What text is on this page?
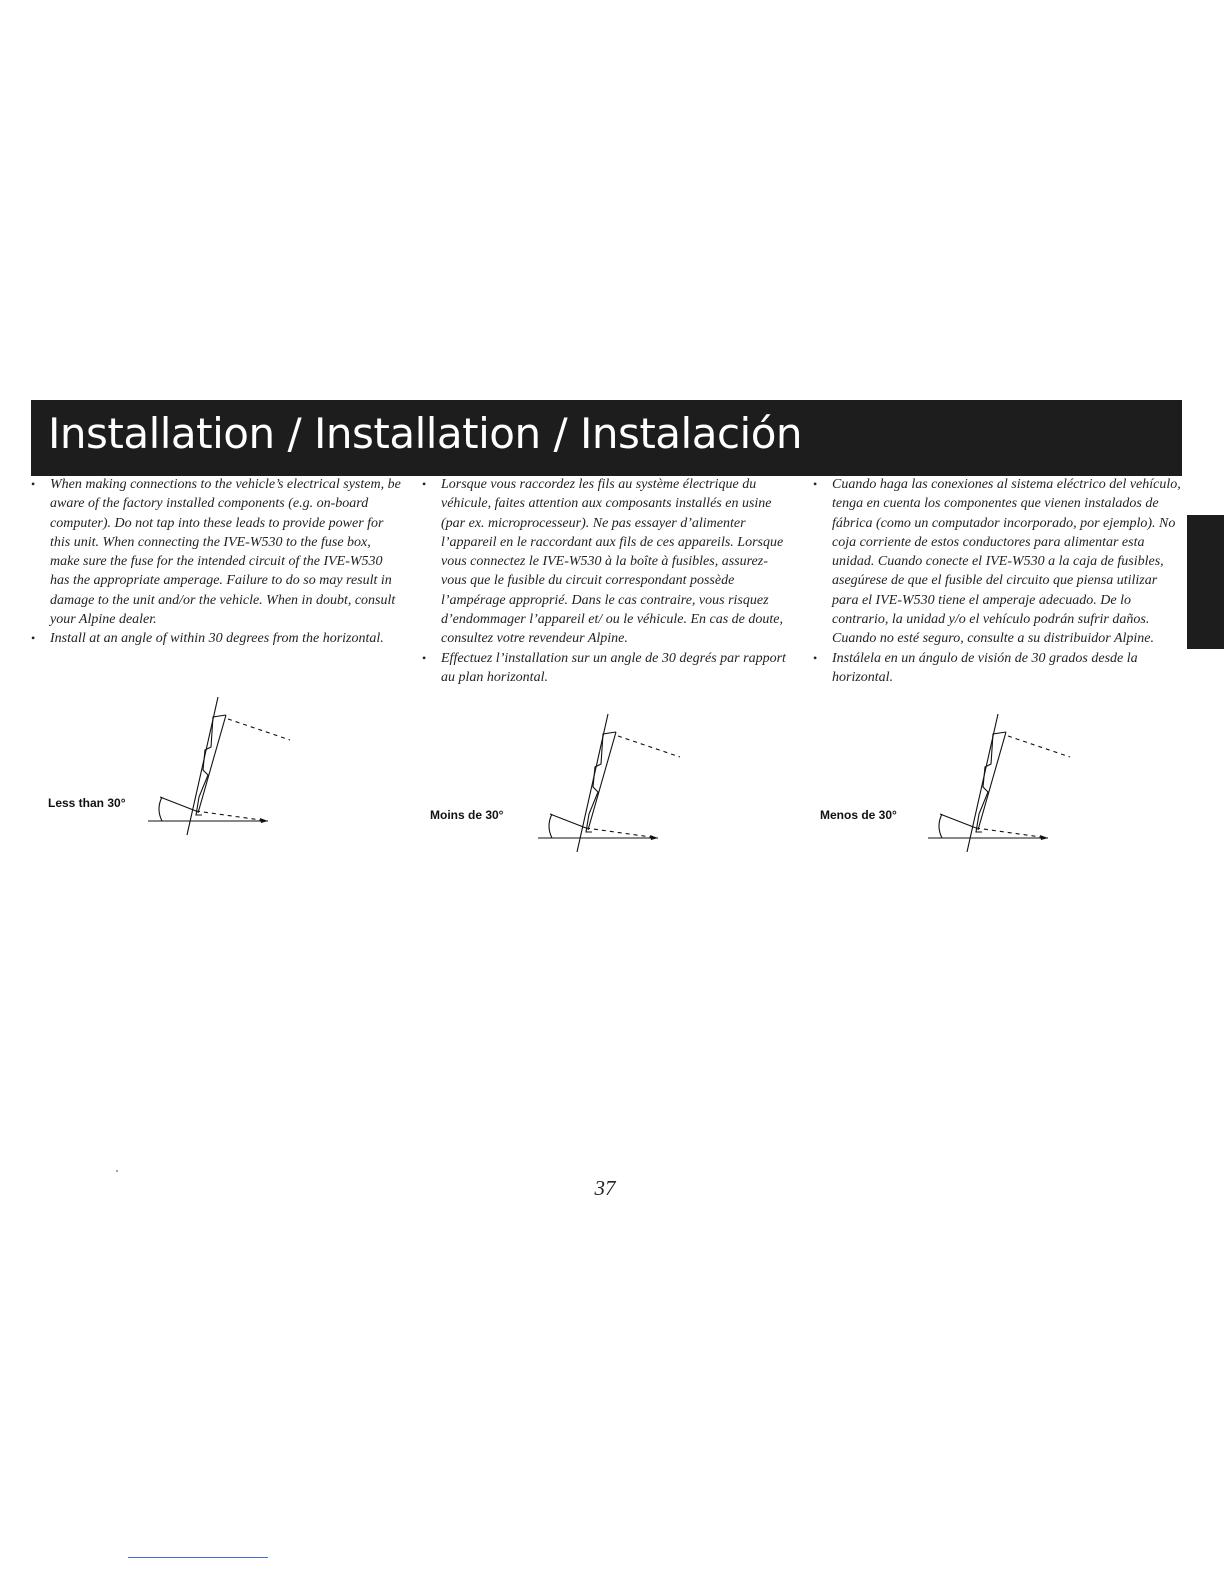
Installation / Installation / Instalación
• When making connections to the vehicle’s electrical system, be aware of the factory installed components (e.g. on-board computer). Do not tap into these leads to provide power for this unit. When connecting the IVE-W530 to the fuse box, make sure the fuse for the intended circuit of the IVE-W530 has the appropriate amperage. Failure to do so may result in damage to the unit and/or the vehicle. When in doubt, consult your Alpine dealer.
• Install at an angle of within 30 degrees from the horizontal.
• Lorsque vous raccordez les fils au système électrique du véhicule, faites attention aux composants installés en usine (par ex. microprocesseur). Ne pas essayer d’alimenter l’appareil en le raccordant aux fils de ces appareils. Lorsque vous connectez le IVE-W530 à la boîte à fusibles, assurez-vous que le fusible du circuit correspondant possède l’ampérage approprié. Dans le cas contraire, vous risquez d’endommager l’appareil et/ ou le véhicule. En cas de doute, consultez votre revendeur Alpine.
• Effectuez l’installation sur un angle de 30 degrés par rapport au plan horizontal.
• Cuando haga las conexiones al sistema eléctrico del vehículo, tenga en cuenta los componentes que vienen instalados de fábrica (como un computador incorporado, por ejemplo). No coja corriente de estos conductores para alimentar esta unidad. Cuando conecte el IVE-W530 a la caja de fusibles, asegúrese de que el fusible del circuito que piensa utilizar para el IVE-W530 tiene el amperaje adecuado. De lo contrario, la unidad y/o el vehículo podrán sufrir daños. Cuando no esté seguro, consulte a su distribuidor Alpine.
• Instálela en un ángulo de visión de 30 grados desde la horizontal.
Less than 30°
Moins de 30°	Menos de 30°
37
